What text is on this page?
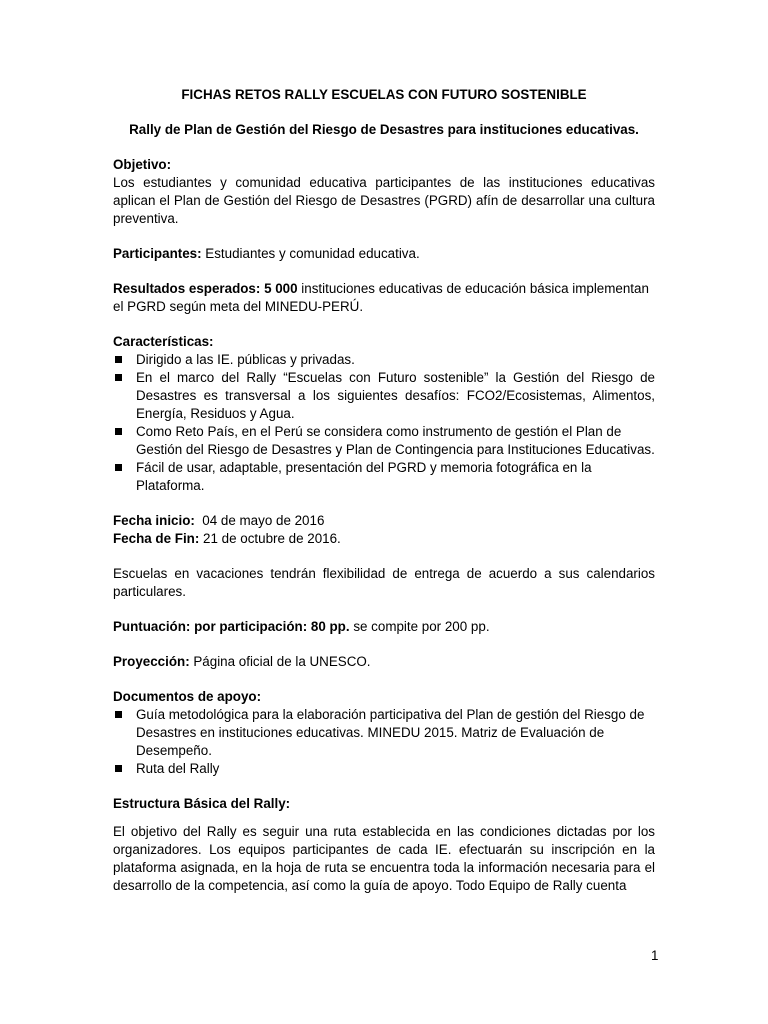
FICHAS RETOS RALLY ESCUELAS CON FUTURO SOSTENIBLE

Rally de Plan de Gestión del Riesgo de Desastres para instituciones educativas.

Objetivo:

Los estudiantes y comunidad educativa participantes de las instituciones educativas aplican el Plan de Gestión del Riesgo de Desastres (PGRD) afín de desarrollar una cultura preventiva.

Participantes: Estudiantes y comunidad educativa.

Resultados esperados: 5 000 instituciones educativas de educación básica implementan el PGRD según meta del MINEDU-PERÚ.

Características:

Dirigido a las IE. públicas y privadas.
En el marco del Rally “Escuelas con Futuro sostenible” la Gestión del Riesgo de Desastres es transversal a los siguientes desafíos: FCO2/Ecosistemas, Alimentos, Energía, Residuos y Agua.
Como Reto País, en el Perú se considera como instrumento de gestión el Plan de Gestión del Riesgo de Desastres y Plan de Contingencia para Instituciones Educativas.
Fácil de usar, adaptable, presentación del PGRD y memoria fotográfica en la Plataforma.

Fecha inicio:  04 de mayo de 2016

Fecha de Fin: 21 de octubre de 2016.

Escuelas en vacaciones tendrán flexibilidad de entrega de acuerdo a sus calendarios particulares.

Puntuación: por participación: 80 pp. se compite por 200 pp.

Proyección: Página oficial de la UNESCO.

Documentos de apoyo:

Guía metodológica para la elaboración participativa del Plan de gestión del Riesgo de Desastres en instituciones educativas. MINEDU 2015. Matriz de Evaluación de Desempeño.
Ruta del Rally

Estructura Básica del Rally:

El objetivo del Rally es seguir una ruta establecida en las condiciones dictadas por los organizadores. Los equipos participantes de cada IE. efectuarán su inscripción en la plataforma asignada, en la hoja de ruta se encuentra toda la información necesaria para el desarrollo de la competencia, así como la guía de apoyo. Todo Equipo de Rally cuenta

1
